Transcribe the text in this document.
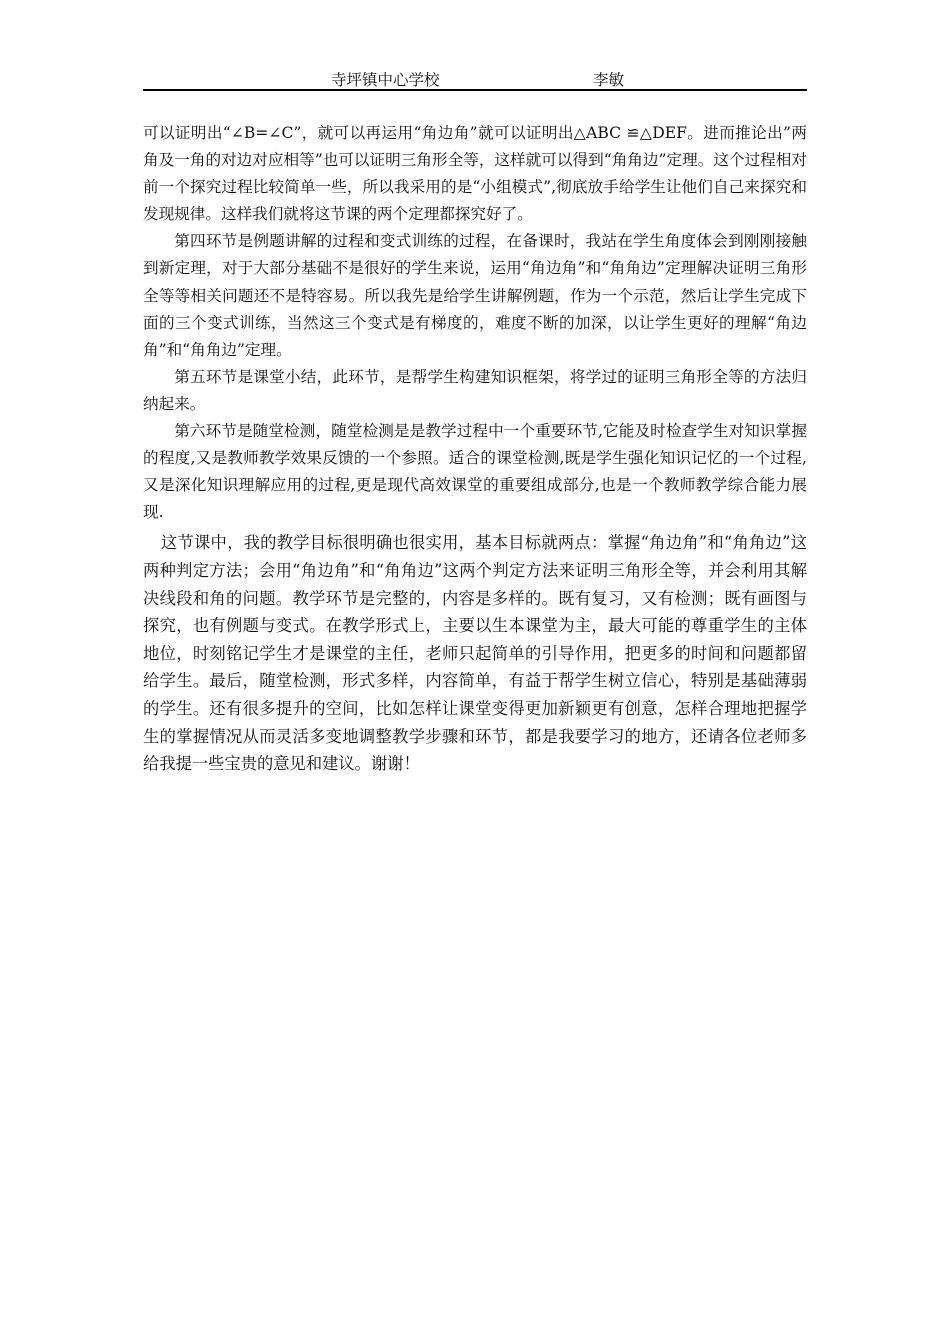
寺坪镇中心学校	李敏

可以证明出“∠B=∠C”，就可以再运用“角边角”就可以证明出△ABC ≌△DEF。进而推论出”两角及一角的对边对应相等”也可以证明三角形全等，这样就可以得到“角角边”定理。这个过程相对前一个探究过程比较简单一些，所以我采用的是“小组模式”,彻底放手给学生让他们自己来探究和发现规律。这样我们就将这节课的两个定理都探究好了。

第四环节是例题讲解的过程和变式训练的过程，在备课时，我站在学生角度体会到刚刚接触到新定理，对于大部分基础不是很好的学生来说，运用“角边角”和“角角边”定理解决证明三角形全等等相关问题还不是特容易。所以我先是给学生讲解例题，作为一个示范，然后让学生完成下面的三个变式训练，当然这三个变式是有梯度的，难度不断的加深，以让学生更好的理解“角边角”和“角角边”定理。

第五环节是课堂小结，此环节，是帮学生构建知识框架，将学过的证明三角形全等的方法归纳起来。

第六环节是随堂检测，随堂检测是是教学过程中一个重要环节,它能及时检查学生对知识掌握的程度,又是教师教学效果反馈的一个参照。适合的课堂检测,既是学生强化知识记忆的一个过程,又是深化知识理解应用的过程,更是现代高效课堂的重要组成部分,也是一个教师教学综合能力展现.

这节课中，我的教学目标很明确也很实用，基本目标就两点：掌握“角边角”和“角角边”这两种判定方法；会用“角边角”和“角角边”这两个判定方法来证明三角形全等，并会利用其解决线段和角的问题。教学环节是完整的，内容是多样的。既有复习，又有检测；既有画图与探究，也有例题与变式。在教学形式上，主要以生本课堂为主，最大可能的尊重学生的主体地位，时刻铭记学生才是课堂的主任，老师只起简单的引导作用，把更多的时间和问题都留给学生。最后，随堂检测，形式多样，内容简单，有益于帮学生树立信心，特别是基础薄弱的学生。还有很多提升的空间，比如怎样让课堂变得更加新颖更有创意，怎样合理地把握学生的掌握情况从而灵活多变地调整教学步骤和环节，都是我要学习的地方，还请各位老师多给我提一些宝贵的意见和建议。谢谢！
